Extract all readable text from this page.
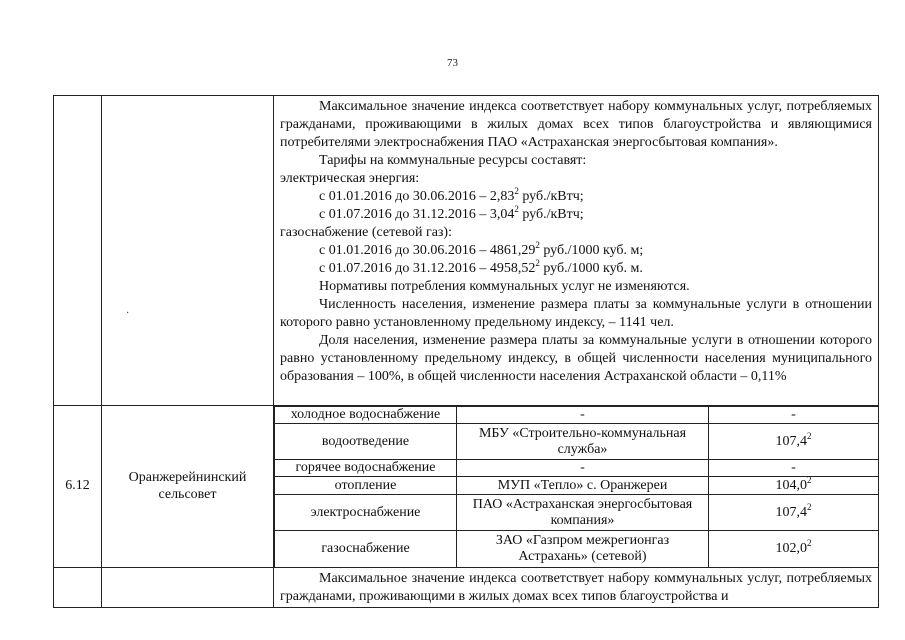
73
·

Максимальное значение индекса соответствует набору коммунальных услуг, потребляемых гражданами, проживающими в жилых домах всех типов благоустройства и являющимися потребителями электроснабжения ПАО «Астраханская энергосбытовая компания».

Тарифы на коммунальные ресурсы составят:

электрическая энергия:

с 01.01.2016 до 30.06.2016 – 2,83$^2$ руб./кВтч;

с 01.07.2016 до 31.12.2016 – 3,04$^2$ руб./кВтч;

газоснабжение (сетевой газ):

с 01.01.2016 до 30.06.2016 – 4861,29$^2$ руб./1000 куб. м;

с 01.07.2016 до 31.12.2016 – 4958,52$^2$ руб./1000 куб. м.

Нормативы потребления коммунальных услуг не изменяются.

Численность населения, изменение размера платы за коммунальные услуги в отношении которого равно установленному предельному индексу, – 1141 чел.

Доля населения, изменение размера платы за коммунальные услуги в отношении которого равно установленному предельному индексу, в общей численности населения муниципального образования – 100%, в общей численности населения Астраханской области – 0,11%

6.12	Оранжерейнинский сельсовет	
холодное водоснабжение	-	-
водоотведение	МБУ «Строительно-коммунальная служба»	107,4$^2$
горячее водоснабжение	-	-
отопление	МУП «Тепло» с. Оранжереи	104,0$^2$
электроснабжение	ПАО «Астраханская энергосбытовая компания»	107,4$^2$
газоснабжение	ЗАО «Газпром межрегионгаз Астрахань» (сетевой)	102,0$^2$

Максимальное значение индекса соответствует набору коммунальных услуг, потребляемых гражданами, проживающими в жилых домах всех типов благоустройства и
